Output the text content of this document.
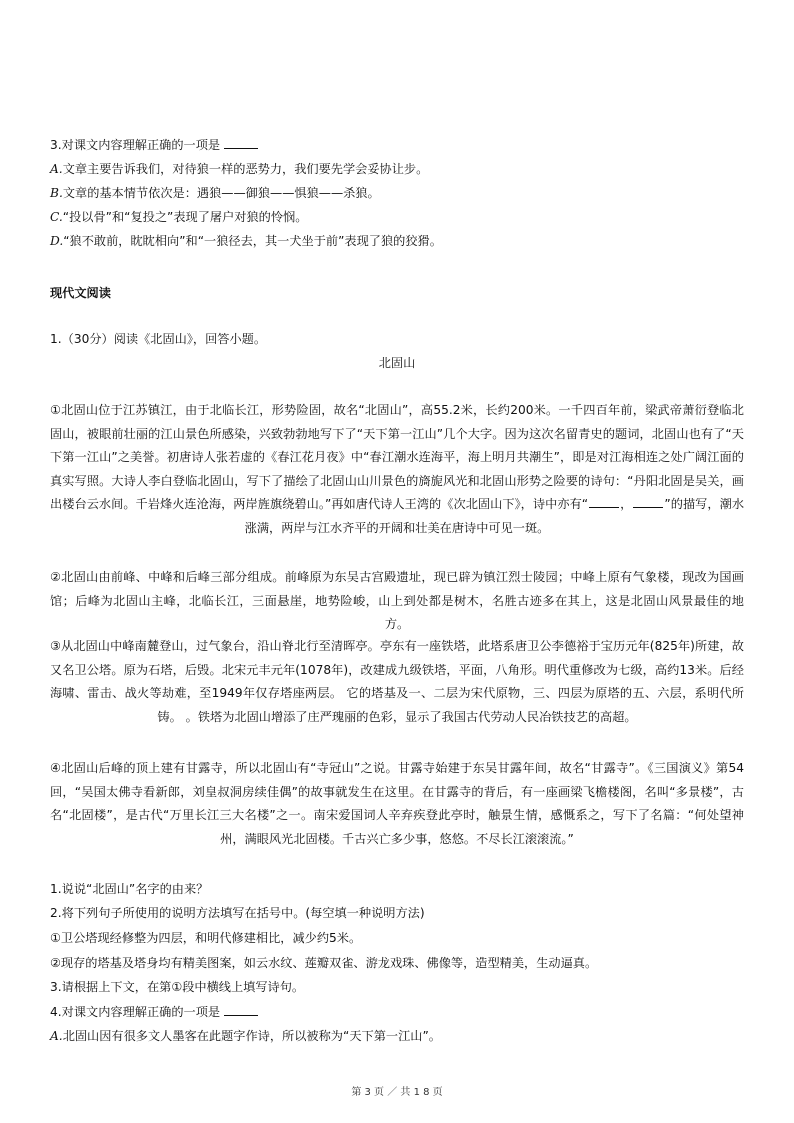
3.对课文内容理解正确的一项是
A.文章主要告诉我们，对待狼一样的恶势力，我们要先学会妥协让步。
B.文章的基本情节依次是：遇狼——御狼——惧狼——杀狼。
C.“投以骨”和“复投之”表现了屠户对狼的怜悯。
D.“狼不敢前，眈眈相向”和“一狼径去，其一犬坐于前”表现了狼的狡猾。
现代文阅读
1.（30分）阅读《北固山》，回答小题。
北固山
①北固山位于江苏镇江，由于北临长江，形势险固，故名“北固山”，高55.2米，长约200米。一千四百年前，梁武帝萧衍登临北固山，被眼前壮丽的江山景色所感染，兴致勃勃地写下了“天下第一江山”几个大字。因为这次名留青史的题词，北固山也有了“天下第一江山”之美誉。初唐诗人张若虚的《春江花月夜》中“春江潮水连海平，海上明月共潮生”，即是对江海相连之处广阔江面的真实写照。大诗人李白登临北固山，写下了描绘了北固山山川景色的旖旎风光和北固山形势之险要的诗句：“丹阳北固是吴关，画出楼台云水间。千岩烽火连沧海，两岸旌旗绕碧山。”再如唐代诗人王湾的《次北固山下》，诗中亦有“	，	”的描写，潮水涨满，两岸与江水齐平的开阔和壮美在唐诗中可见一斑。
②北固山由前峰、中峰和后峰三部分组成。前峰原为东吴古宫殿遗址，现已辟为镇江烈士陵园；中峰上原有气象楼，现改为国画馆；后峰为北固山主峰，北临长江，三面悬崖，地势险峻，山上到处都是树木，名胜古迹多在其上，这是北固山风景最佳的地方。
③从北固山中峰南麓登山，过气象台，沿山脊北行至清晖亭。亭东有一座铁塔，此塔系唐卫公李德裕于宝历元年(825年)所建，故又名卫公塔。原为石塔，后毁。北宋元丰元年(1078年)，改建成九级铁塔，平面，八角形。明代重修改为七级，高约13米。后经海啸、雷击、战火等劫难，至1949年仅存塔座两层。 它的塔基及一、二层为宋代原物，三、四层为原塔的五、六层，系明代所铸。 。铁塔为北固山增添了庄严瑰丽的色彩，显示了我国古代劳动人民冶铁技艺的高超。
④北固山后峰的顶上建有甘露寺，所以北固山有“寺冠山”之说。甘露寺始建于东吴甘露年间，故名“甘露寺”。《三国演义》第54回，“吴国太佛寺看新郎，刘皇叔洞房续佳偶”的故事就发生在这里。在甘露寺的背后，有一座画梁飞檐楼阁，名叫“多景楼”，古名“北固楼”，是古代“万里长江三大名楼”之一。南宋爱国词人辛弃疾登此亭时，触景生情，感慨系之，写下了名篇：“何处望神州，满眼风光北固楼。千古兴亡多少事，悠悠。不尽长江滚滚流。”
1.说说“北固山”名字的由来？
2.将下列句子所使用的说明方法填写在括号中。(每空填一种说明方法)
①卫公塔现经修整为四层，和明代修建相比，减少约5米。
②现存的塔基及塔身均有精美图案，如云水纹、莲瓣双雀、游龙戏珠、佛像等，造型精美，生动逼真。
3.请根据上下文，在第①段中横线上填写诗句。
4.对课文内容理解正确的一项是
A.北固山因有很多文人墨客在此题字作诗，所以被称为“天下第一江山”。
第 3 页 ／ 共 1 8 页
